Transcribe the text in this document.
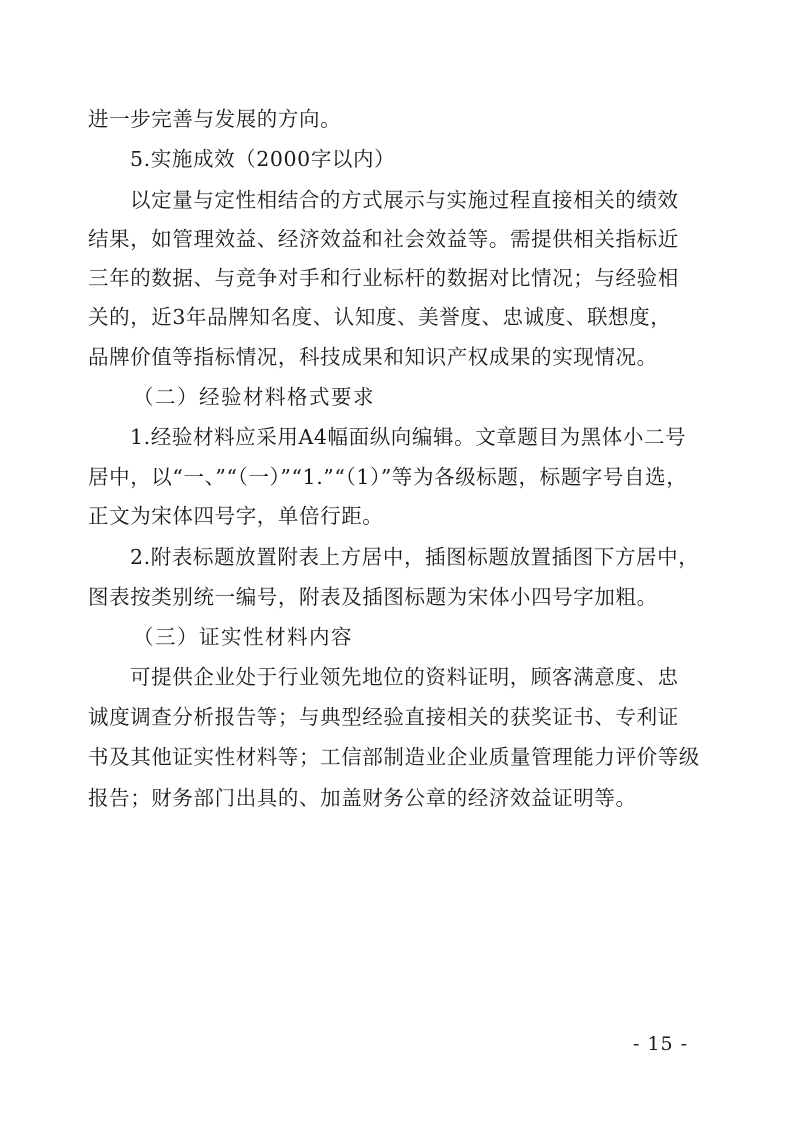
进一步完善与发展的方向。
5.实施成效（2000字以内）
以定量与定性相结合的方式展示与实施过程直接相关的绩效
结果，如管理效益、经济效益和社会效益等。需提供相关指标近
三年的数据、与竞争对手和行业标杆的数据对比情况；与经验相
关的，近3年品牌知名度、认知度、美誉度、忠诚度、联想度，
品牌价值等指标情况，科技成果和知识产权成果的实现情况。
（二）经验材料格式要求
1.经验材料应采用A4幅面纵向编辑。文章题目为黑体小二号
居中，以“一、”“（一）”“1.”“（1）”等为各级标题，标题字号自选，
正文为宋体四号字，单倍行距。
2.附表标题放置附表上方居中，插图标题放置插图下方居中，
图表按类别统一编号，附表及插图标题为宋体小四号字加粗。
（三）证实性材料内容
可提供企业处于行业领先地位的资料证明，顾客满意度、忠
诚度调查分析报告等；与典型经验直接相关的获奖证书、专利证
书及其他证实性材料等；工信部制造业企业质量管理能力评价等级
报告；财务部门出具的、加盖财务公章的经济效益证明等。
- 15 -
